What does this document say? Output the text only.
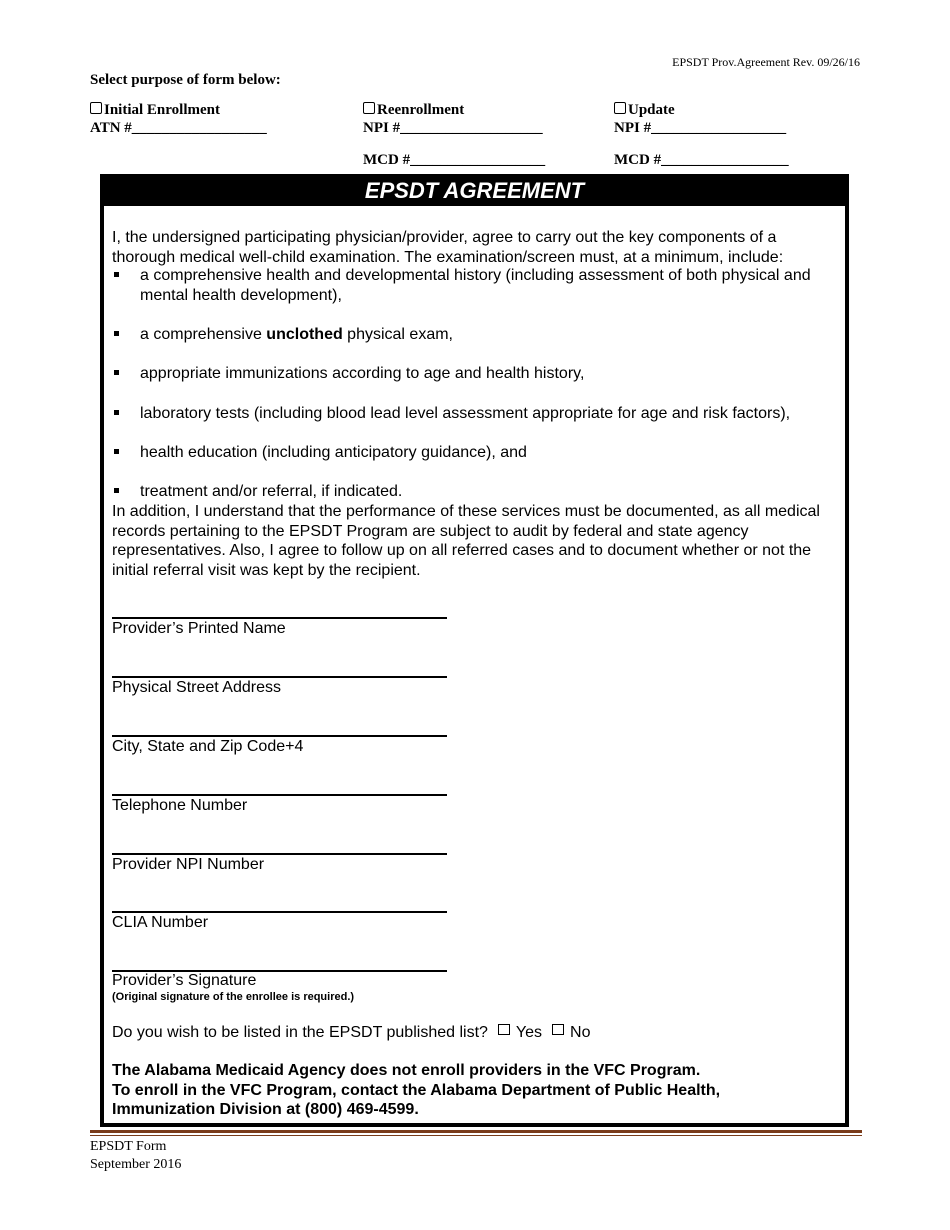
EPSDT Prov.Agreement Rev. 09/26/16
Select purpose of form below:
Initial Enrollment
ATN #__________________
Reenrollment
NPI #___________________
MCD #__________________
Update
NPI #__________________
MCD #_________________
EPSDT AGREEMENT
I, the undersigned participating physician/provider, agree to carry out the key components of a thorough medical well-child examination. The examination/screen must, at a minimum, include:
a comprehensive health and developmental history (including assessment of both physical and mental health development),
a comprehensive unclothed physical exam,
appropriate immunizations according to age and health history,
laboratory tests (including blood lead level assessment appropriate for age and risk factors),
health education (including anticipatory guidance), and
treatment and/or referral, if indicated.
In addition, I understand that the performance of these services must be documented, as all medical records pertaining to the EPSDT Program are subject to audit by federal and state agency representatives. Also, I agree to follow up on all referred cases and to document whether or not the initial referral visit was kept by the recipient.
Provider’s Printed Name
Physical Street Address
City, State and Zip Code+4
Telephone Number
Provider NPI Number
CLIA Number
Provider’s Signature
(Original signature of the enrollee is required.)
Do you wish to be listed in the EPSDT published list? Yes No
The Alabama Medicaid Agency does not enroll providers in the VFC Program.
To enroll in the VFC Program, contact the Alabama Department of Public Health,
Immunization Division at (800) 469-4599.
EPSDT Form
September 2016
